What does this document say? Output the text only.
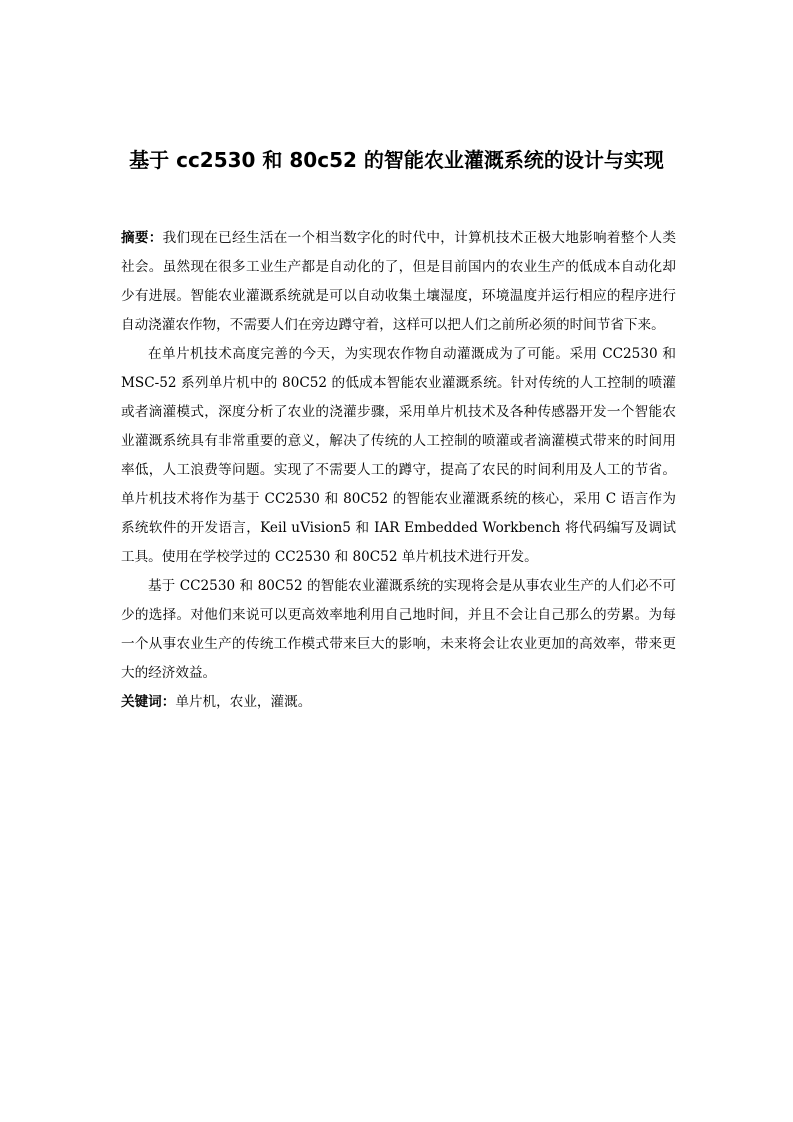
基于 cc2530 和 80c52 的智能农业灌溉系统的设计与实现

摘要：我们现在已经生活在一个相当数字化的时代中，计算机技术正极大地影响着整个人类社会。虽然现在很多工业生产都是自动化的了，但是目前国内的农业生产的低成本自动化却少有进展。智能农业灌溉系统就是可以自动收集土壤湿度，环境温度并运行相应的程序进行自动浇灌农作物，不需要人们在旁边蹲守着，这样可以把人们之前所必须的时间节省下来。

在单片机技术高度完善的今天，为实现农作物自动灌溉成为了可能。采用 CC2530 和 MSC-52 系列单片机中的 80C52 的低成本智能农业灌溉系统。针对传统的人工控制的喷灌或者滴灌模式，深度分析了农业的浇灌步骤，采用单片机技术及各种传感器开发一个智能农业灌溉系统具有非常重要的意义，解决了传统的人工控制的喷灌或者滴灌模式带来的时间用率低，人工浪费等问题。实现了不需要人工的蹲守，提高了农民的时间利用及人工的节省。单片机技术将作为基于 CC2530 和 80C52 的智能农业灌溉系统的核心，采用 C 语言作为系统软件的开发语言，Keil uVision5 和 IAR Embedded Workbench 将代码编写及调试工具。使用在学校学过的 CC2530 和 80C52 单片机技术进行开发。

基于 CC2530 和 80C52 的智能农业灌溉系统的实现将会是从事农业生产的人们必不可少的选择。对他们来说可以更高效率地利用自己地时间，并且不会让自己那么的劳累。为每一个从事农业生产的传统工作模式带来巨大的影响，未来将会让农业更加的高效率，带来更大的经济效益。

关键词：单片机，农业，灌溉。
